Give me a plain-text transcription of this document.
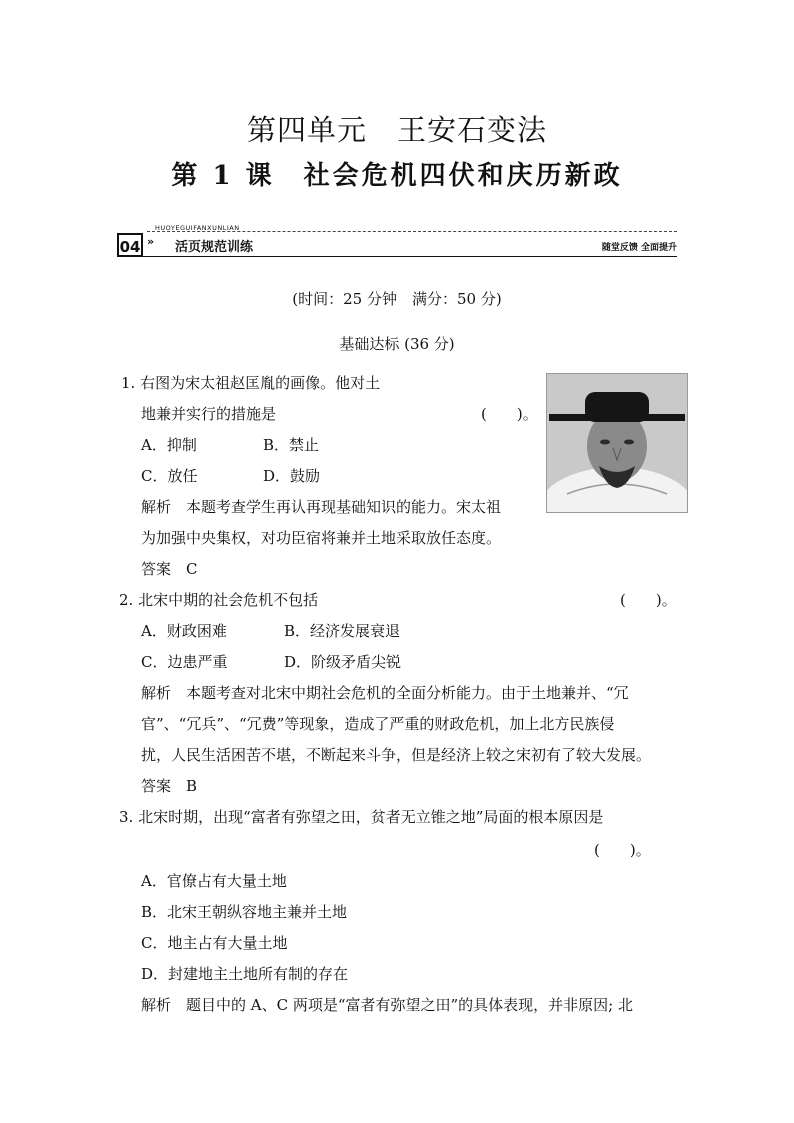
第四单元　王安石变法
第 1 课　社会危机四伏和庆历新政
HUOYEGUIFANXUNLIAN
04 » 活页规范训练	随堂反馈 全面提升
(时间：25 分钟　满分：50 分)
基础达标 (36 分)
1. 右图为宋太祖赵匡胤的画像。他对土
地兼并实行的措施是	(　　)。
A．抑制	B．禁止
C．放任	D．鼓励
解析　本题考查学生再认再现基础知识的能力。宋太祖
为加强中央集权，对功臣宿将兼并土地采取放任态度。
答案　C
2. 北宋中期的社会危机不包括	(　　)。
A．财政困难	B．经济发展衰退
C．边患严重	D．阶级矛盾尖锐
解析　本题考查对北宋中期社会危机的全面分析能力。由于土地兼并、“冗
官”、“冗兵”、“冗费”等现象，造成了严重的财政危机，加上北方民族侵
扰，人民生活困苦不堪，不断起来斗争，但是经济上较之宋初有了较大发展。
答案　B
3. 北宋时期，出现“富者有弥望之田，贫者无立锥之地”局面的根本原因是
(　　)。
A．官僚占有大量土地
B．北宋王朝纵容地主兼并土地
C．地主占有大量土地
D．封建地主土地所有制的存在
解析　题目中的 A、C 两项是“富者有弥望之田”的具体表现，并非原因; 北
